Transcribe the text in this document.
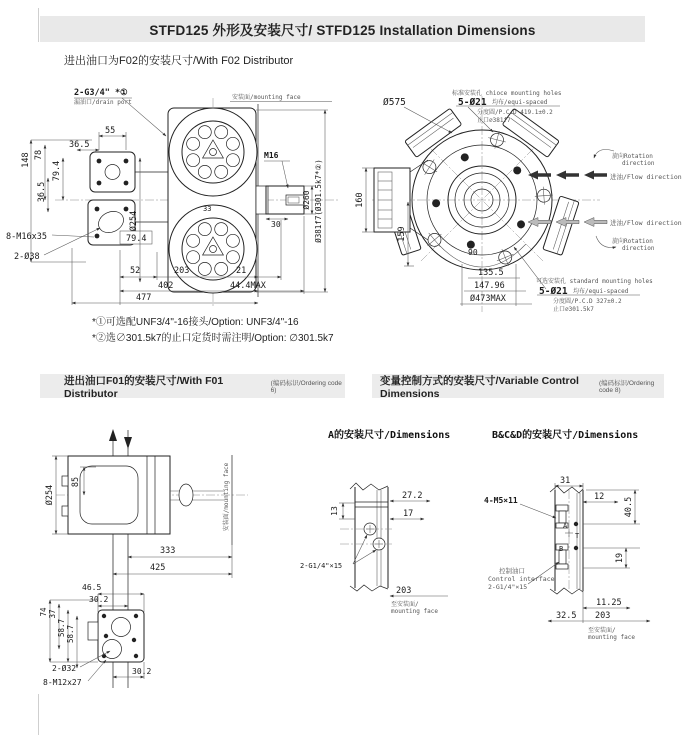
STFD125 外形及安装尺寸/ STFD125 Installation Dimensions
进出油口为F02的安装尺寸/With F02 Distributor
2-G3/4" *①
漏油口/drain port
安装面/mounting face
55
36.5
148 78
79.4
36.5
8-M16x35	79.4
2-Ø38
Ø254
M16
33	Ø260
30	Ø381f7(Ø301.5k7*②)
52	203	21
402	44.4MAX
477
Ø575
标准安装孔 chioce mounting holes
5-Ø21 均布/equi-spaced
分度圆/P.C.D 419.1±0.2
止口∅381f7
160
159
90
135.5
147.96
Ø473MAX
可选安装孔 standard mounting holes
5-Ø21 均布/equi-spaced
分度圆/P.C.D 327±0.2
止口∅301.5k7
旋向Rotation
direction
进油/Flow direction
进油/Flow direction
旋向Rotation
direction
*①可选配UNF3/4"-16接头/Option: UNF3/4"-16
*②选∅301.5k7的止口定货时需注明/Option: ∅301.5k7
进出油口F01的安装尺寸/With F01 Distributor
(编码标识/Ordering code 6)
变量控制方式的安装尺寸/Variable Control Dimensions
(编码标识/Ordering code 8)
A的安装尺寸/Dimensions	B&C&D的安装尺寸/Dimensions
Ø254
85
333
425
安装面/mounting face
46.5
30.2
74 37
58.7 58.7
2-Ø32
8-M12x27
30.2
27.2
17
13
2-G1/4"×15
203
至安装面/
mounting face
31
12 40.5
4-M5×11
A
T
B
19
控制油口
Control interface
2-G1/4"×15
11.25
32.5 203
至安装面/
mounting face
